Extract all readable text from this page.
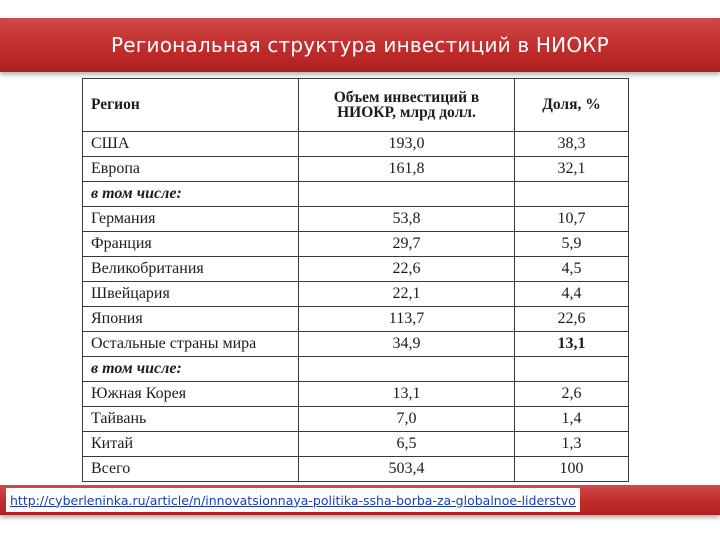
Региональная структура инвестиций в НИОКР
Регион	Объем инвестиций в НИОКР, млрд долл.	Доля, %
США	193,0	38,3
Европа	161,8	32,1
в том числе:		
Германия	53,8	10,7
Франция	29,7	5,9
Великобритания	22,6	4,5
Швейцария	22,1	4,4
Япония	113,7	22,6
Остальные страны мира	34,9	13,1
в том числе:		
Южная Корея	13,1	2,6
Тайвань	7,0	1,4
Китай	6,5	1,3
Всего	503,4	100
http://cyberleninka.ru/article/n/innovatsionnaya-politika-ssha-borba-za-globalnoe-liderstvo
